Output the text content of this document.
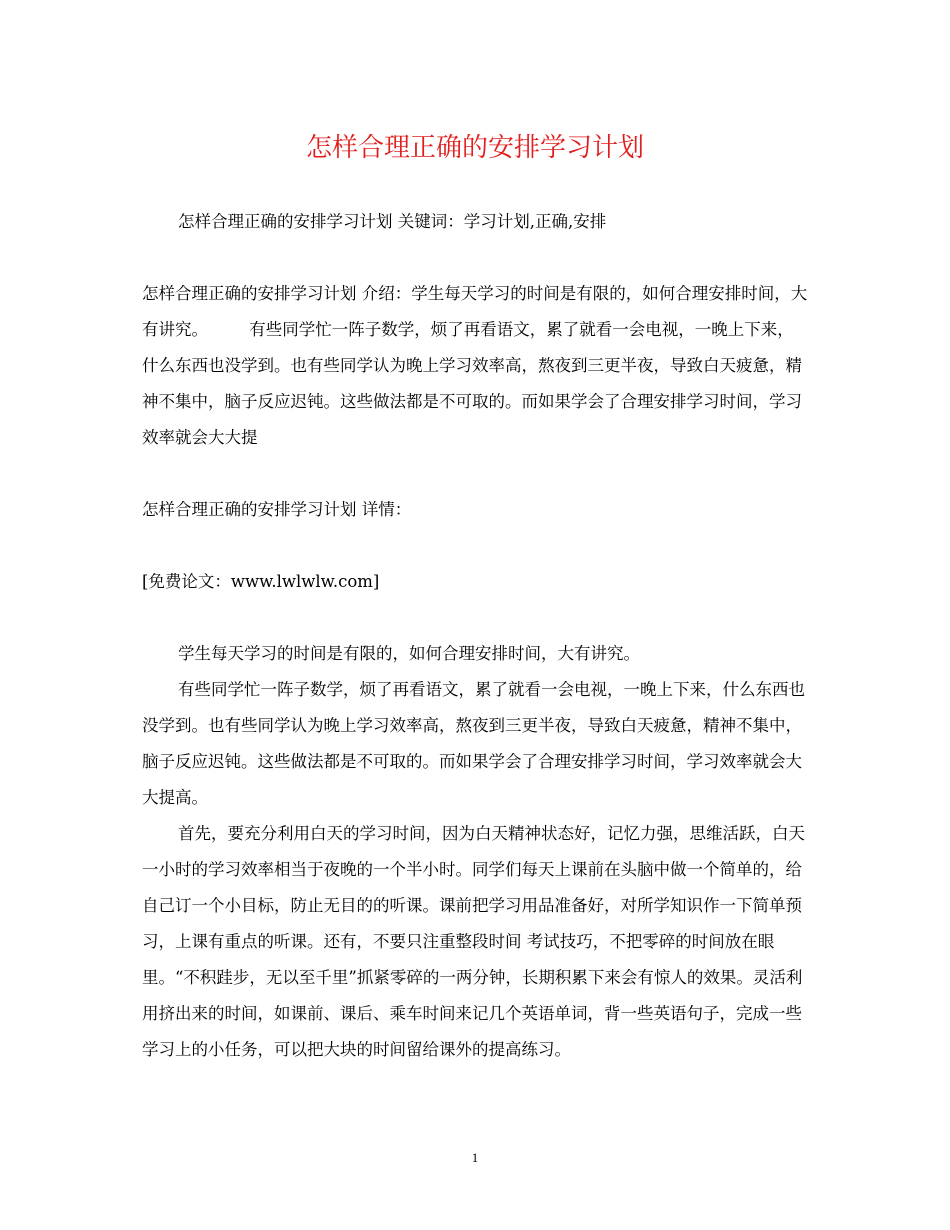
怎样合理正确的安排学习计划

怎样合理正确的安排学习计划 关键词：学习计划,正确,安排

怎样合理正确的安排学习计划 介绍：学生每天学习的时间是有限的，如何合理安排时间，大有讲究。　　　有些同学忙一阵子数学，烦了再看语文，累了就看一会电视，一晚上下来，什么东西也没学到。也有些同学认为晚上学习效率高，熬夜到三更半夜，导致白天疲惫，精神不集中，脑子反应迟钝。这些做法都是不可取的。而如果学会了合理安排学习时间，学习效率就会大大提

怎样合理正确的安排学习计划 详情：

[免费论文：www.lwlwlw.com]

学生每天学习的时间是有限的，如何合理安排时间，大有讲究。

有些同学忙一阵子数学，烦了再看语文，累了就看一会电视，一晚上下来，什么东西也没学到。也有些同学认为晚上学习效率高，熬夜到三更半夜，导致白天疲惫，精神不集中，脑子反应迟钝。这些做法都是不可取的。而如果学会了合理安排学习时间，学习效率就会大大提高。

首先，要充分利用白天的学习时间，因为白天精神状态好，记忆力强，思维活跃，白天一小时的学习效率相当于夜晚的一个半小时。同学们每天上课前在头脑中做一个简单的，给自己订一个小目标，防止无目的的听课。课前把学习用品准备好，对所学知识作一下简单预习，上课有重点的听课。还有，不要只注重整段时间 考试技巧，不把零碎的时间放在眼里。“不积跬步，无以至千里”抓紧零碎的一两分钟，长期积累下来会有惊人的效果。灵活利用挤出来的时间，如课前、课后、乘车时间来记几个英语单词，背一些英语句子，完成一些学习上的小任务，可以把大块的时间留给课外的提高练习。

1
